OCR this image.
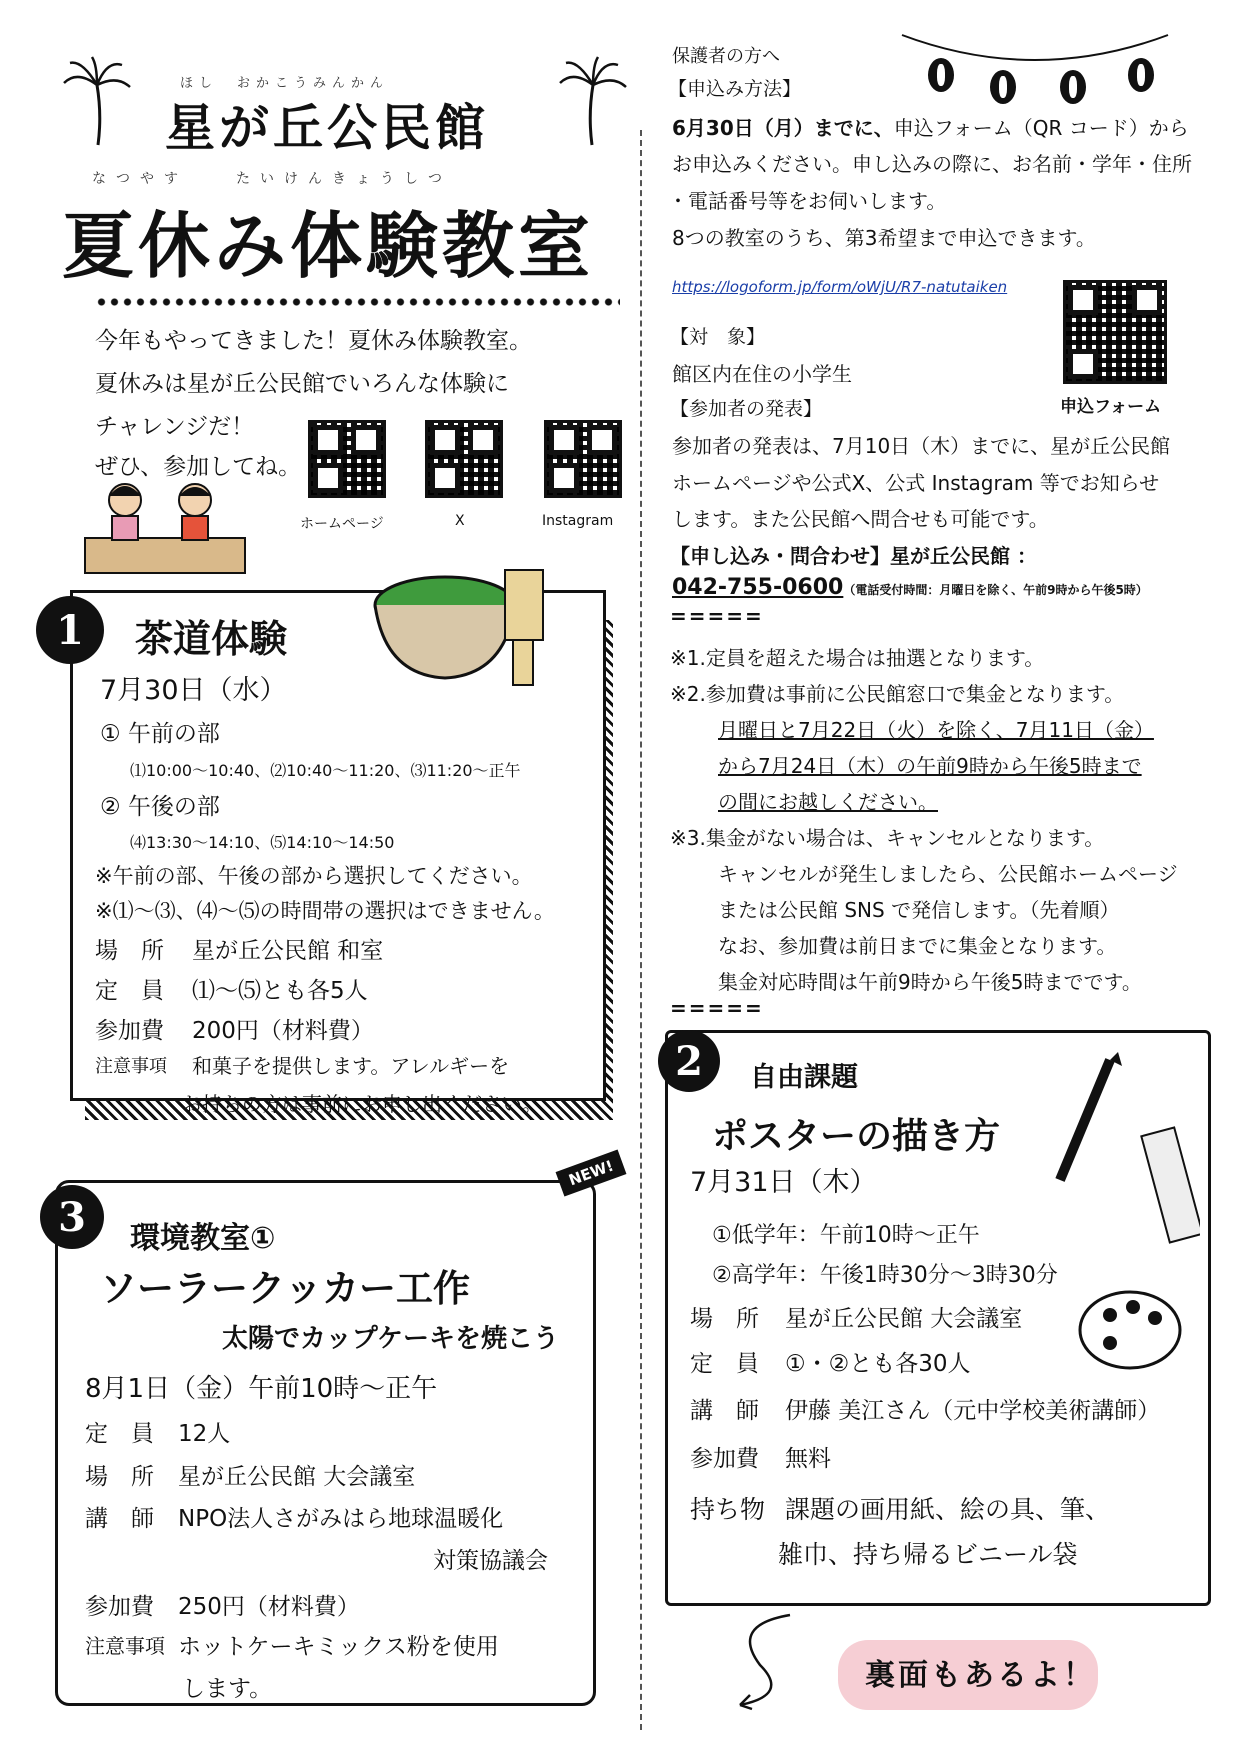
ほし　おかこうみんかん
星が丘公民館
なつやす　　たいけんきょうしつ
夏休み体験教室
今年もやってきました！夏休み体験教室。
夏休みは星が丘公民館でいろんな体験に
チャレンジだ！
ぜひ、参加してね。
ホームページ	X	Instagram
1	茶道体験
7月30日（水）
① 午前の部
⑴10:00～10:40、⑵10:40～11:20、⑶11:20～正午
② 午後の部
⑷13:30～14:10、⑸14:10～14:50
※午前の部、午後の部から選択してください。
※⑴～⑶、⑷～⑸の時間帯の選択はできません。
場　所 星が丘公民館 和室
定　員 ⑴～⑸とも各5人
参加費 200円（材料費）
注意事項 和菓子を提供します。アレルギーを
お持ちの方は事前にお申し出ください。
3
NEW!
環境教室①
ソーラークッカー工作
太陽でカップケーキを焼こう
8月1日（金）午前10時～正午
定　員 12人
場　所 星が丘公民館 大会議室
講　師 NPO法人さがみはら地球温暖化
対策協議会
参加費 250円（材料費）
注意事項 ホットケーキミックス粉を使用
します。
保護者の方へ
【申込み方法】
6月30日（月）までに、申込フォーム（QR コード）から
お申込みください。申し込みの際に、お名前・学年・住所
・電話番号等をお伺いします。
8つの教室のうち、第3希望まで申込できます。
https://logoform.jp/form/oWjU/R7-natutaiken
申込フォーム
【対　象】
館区内在住の小学生
【参加者の発表】
参加者の発表は、7月10日（木）までに、星が丘公民館
ホームページや公式X、公式 Instagram 等でお知らせ
します。また公民館へ問合せも可能です。
【申し込み・問合わせ】星が丘公民館 ：
042-755-0600（電話受付時間：月曜日を除く、午前9時から午後5時）
=====
※1.定員を超えた場合は抽選となります。
※2.参加費は事前に公民館窓口で集金となります。
月曜日と7月22日（火）を除く、7月11日（金）
から7月24日（木）の午前9時から午後5時まで
の間にお越しください。
※3.集金がない場合は、キャンセルとなります。
キャンセルが発生しましたら、公民館ホームページ
または公民館 SNS で発信します。（先着順）
なお、参加費は前日までに集金となります。
集金対応時間は午前9時から午後5時までです。
=====
2	自由課題
ポスターの描き方
7月31日（木）
①低学年：午前10時～正午
②高学年：午後1時30分～3時30分
場　所 星が丘公民館 大会議室
定　員 ①・②とも各30人
講　師 伊藤 美江さん（元中学校美術講師）
参加費 無料
持ち物 課題の画用紙、絵の具、筆、
雑巾、持ち帰るビニール袋
裏面もあるよ！
